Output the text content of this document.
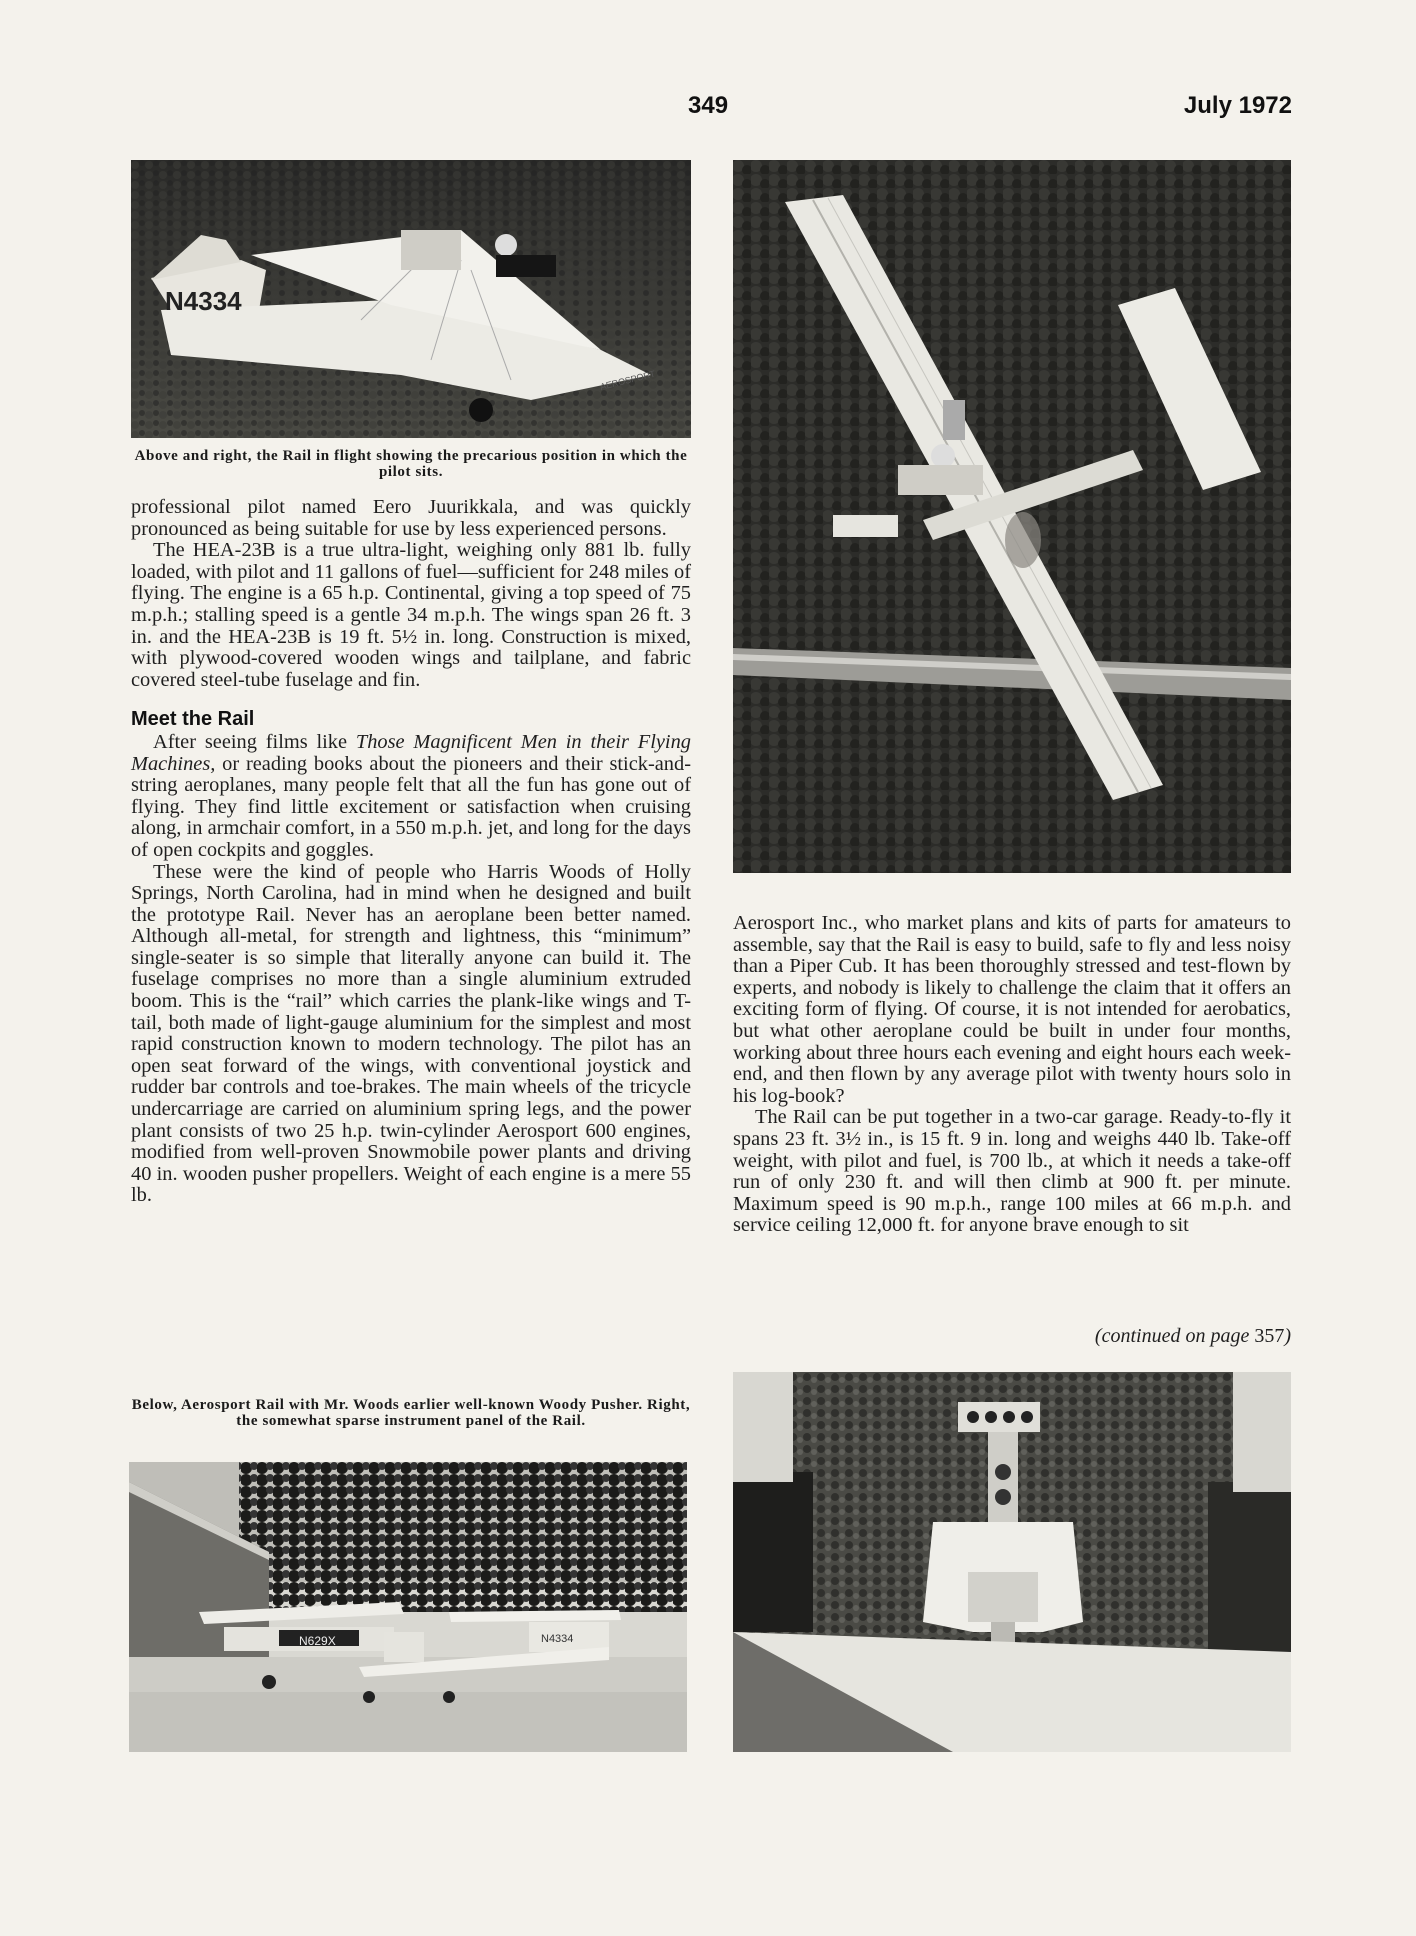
349	July 1972
N4334
AEROSPORT
Above and right, the Rail in flight showing the precarious position in which the pilot sits.

professional pilot named Eero Juurikkala, and was quickly pronounced as being suitable for use by less experienced persons.

The HEA-23B is a true ultra-light, weighing only 881 lb. fully loaded, with pilot and 11 gallons of fuel—sufficient for 248 miles of flying. The engine is a 65 h.p. Continental, giving a top speed of 75 m.p.h.; stalling speed is a gentle 34 m.p.h. The wings span 26 ft. 3 in. and the HEA-23B is 19 ft. 5½ in. long. Construction is mixed, with plywood-covered wooden wings and tailplane, and fabric covered steel-tube fuselage and fin.

Meet the Rail

After seeing films like Those Magnificent Men in their Flying Machines, or reading books about the pioneers and their stick-and-string aeroplanes, many people felt that all the fun has gone out of flying. They find little excitement or satisfaction when cruising along, in armchair comfort, in a 550 m.p.h. jet, and long for the days of open cockpits and goggles.

These were the kind of people who Harris Woods of Holly Springs, North Carolina, had in mind when he designed and built the prototype Rail. Never has an aeroplane been better named. Although all-metal, for strength and lightness, this “minimum” single-seater is so simple that literally anyone can build it. The fuselage comprises no more than a single aluminium extruded boom. This is the “rail” which carries the plank-like wings and T-tail, both made of light-gauge aluminium for the simplest and most rapid construction known to modern technology. The pilot has an open seat forward of the wings, with conventional joystick and rudder bar controls and toe-brakes. The main wheels of the tricycle undercarriage are carried on aluminium spring legs, and the power plant consists of two 25 h.p. twin-cylinder Aerosport 600 engines, modified from well-proven Snowmobile power plants and driving 40 in. wooden pusher propellers. Weight of each engine is a mere 55 lb.

Aerosport Inc., who market plans and kits of parts for amateurs to assemble, say that the Rail is easy to build, safe to fly and less noisy than a Piper Cub. It has been thoroughly stressed and test-flown by experts, and nobody is likely to challenge the claim that it offers an exciting form of flying. Of course, it is not intended for aerobatics, but what other aeroplane could be built in under four months, working about three hours each evening and eight hours each week-end, and then flown by any average pilot with twenty hours solo in his log-book?

The Rail can be put together in a two-car garage. Ready-to-fly it spans 23 ft. 3½ in., is 15 ft. 9 in. long and weighs 440 lb. Take-off weight, with pilot and fuel, is 700 lb., at which it needs a take-off run of only 230 ft. and will then climb at 900 ft. per minute. Maximum speed is 90 m.p.h., range 100 miles at 66 m.p.h. and service ceiling 12,000 ft. for anyone brave enough to sit

(continued on page 357)
Below, Aerosport Rail with Mr. Woods earlier well-known Woody Pusher. Right, the somewhat sparse instrument panel of the Rail.
N629X	N4334
